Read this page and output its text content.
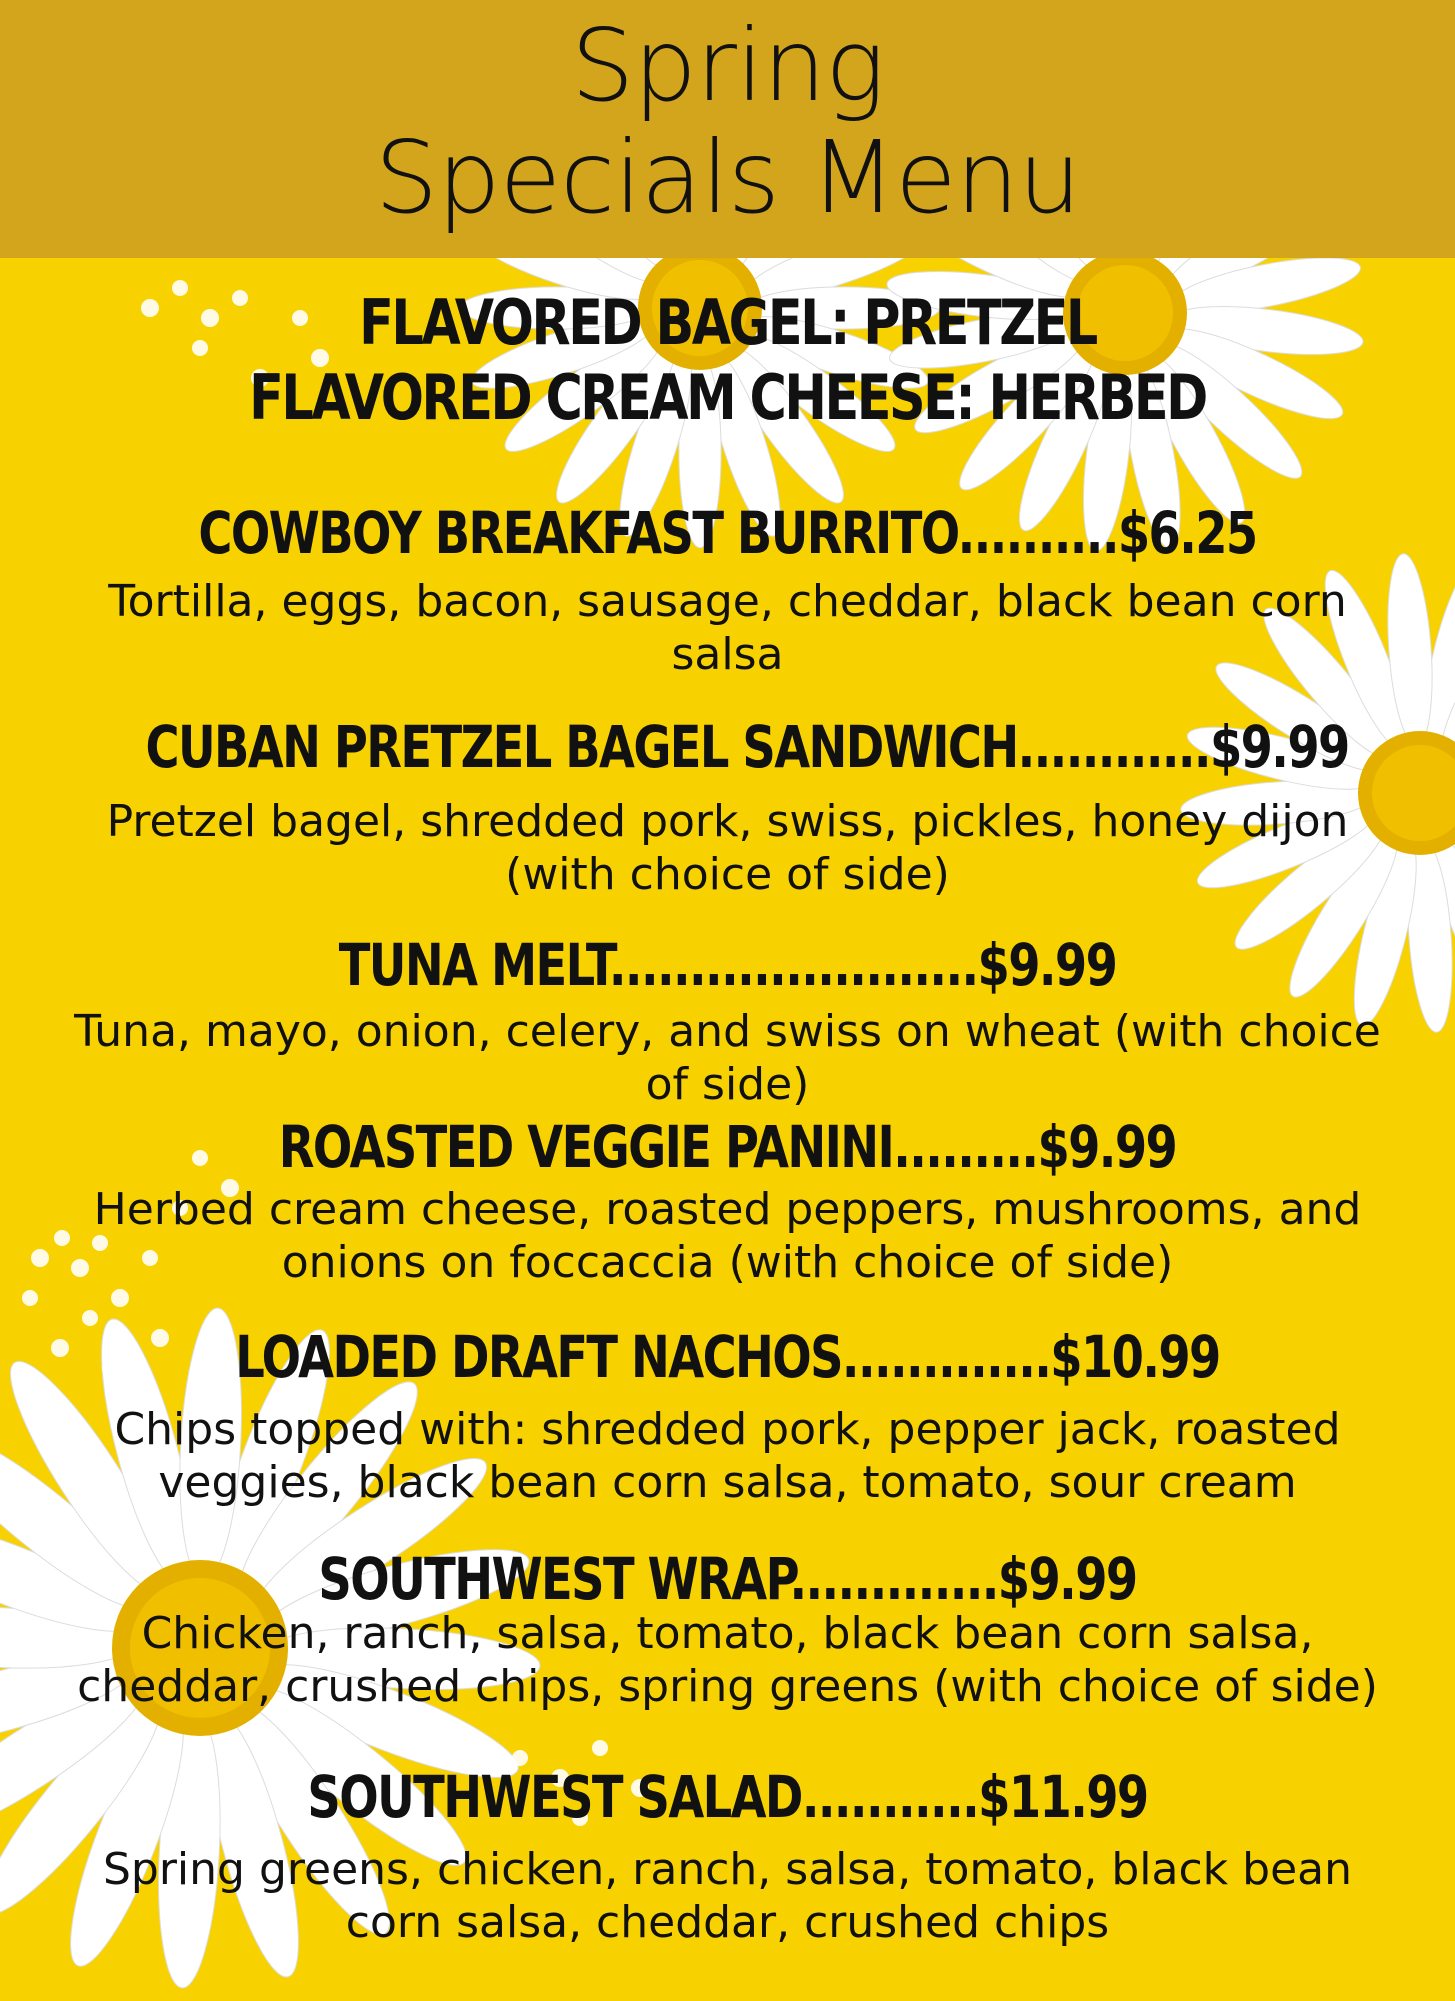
Spring
Specials Menu
FLAVORED BAGEL: PRETZEL
FLAVORED CREAM CHEESE: HERBED
COWBOY BREAKFAST BURRITO..........$6.25
Tortilla, eggs, bacon, sausage, cheddar, black bean corn salsa
CUBAN PRETZEL BAGEL SANDWICH............$9.99
Pretzel bagel, shredded pork, swiss, pickles, honey dijon (with choice of side)
TUNA MELT.......................$9.99
Tuna, mayo, onion, celery, and swiss on wheat (with choice of side)
ROASTED VEGGIE PANINI.........$9.99
Herbed cream cheese, roasted peppers, mushrooms, and onions on foccaccia (with choice of side)
LOADED DRAFT NACHOS.............$10.99
Chips topped with: shredded pork, pepper jack, roasted veggies, black bean corn salsa, tomato, sour cream
SOUTHWEST WRAP.............$9.99
Chicken, ranch, salsa, tomato, black bean corn salsa, cheddar, crushed chips, spring greens (with choice of side)
SOUTHWEST SALAD...........$11.99
Spring greens, chicken, ranch, salsa, tomato, black bean corn salsa, cheddar, crushed chips
